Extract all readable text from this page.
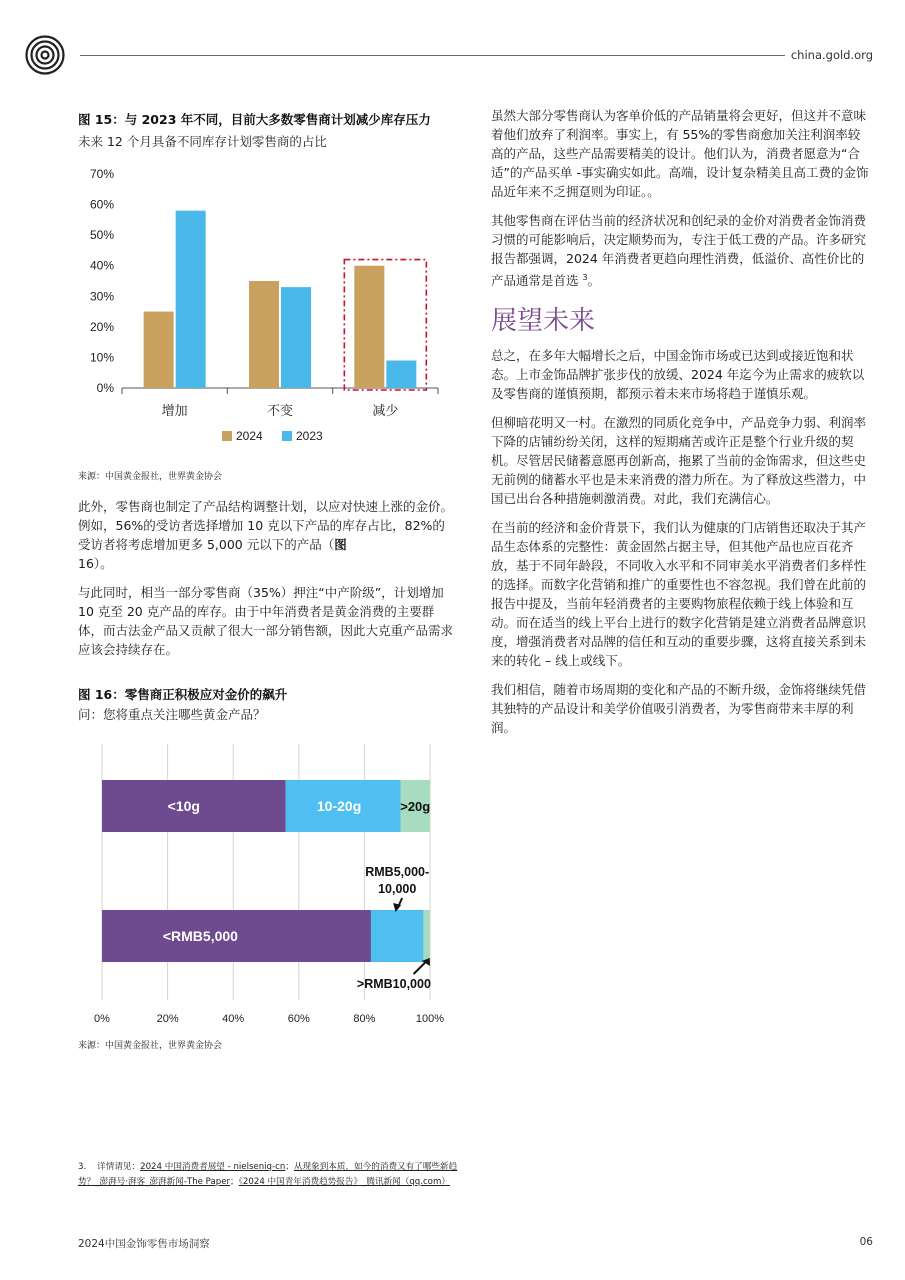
china.gold.org
图 15：与 2023 年不同，目前大多数零售商计划减少库存压力
未来 12 个月具备不同库存计划零售商的占比
0%
10%
20%
30%
40%
50%
60%
70%
增加	不变	减少
2024	2023
来源：中国黄金报社，世界黄金协会

此外，零售商也制定了产品结构调整计划，以应对快速上涨的金价。例如，56%的受访者选择增加 10 克以下产品的库存占比，82%的受访者将考虑增加更多 5,000 元以下的产品（图
16）。

与此同时，相当一部分零售商（35%）押注“中产阶级”，计划增加 10 克至 20 克产品的库存。由于中年消费者是黄金消费的主要群体，而古法金产品又贡献了很大一部分销售额，因此大克重产品需求应该会持续存在。

图 16：零售商正积极应对金价的飙升
问：您将重点关注哪些黄金产品？
0%	20%	40%	60%	80%	100%
<10g	10-20g	>20g
<RMB5,000
RMB5,000-10,000
>RMB10,000
来源：中国黄金报社，世界黄金协会

虽然大部分零售商认为客单价低的产品销量将会更好，但这并不意味着他们放弃了利润率。事实上，有 55%的零售商愈加关注利润率较高的产品，这些产品需要精美的设计。他们认为，消费者愿意为“合适”的产品买单 -事实确实如此。高端，设计复杂精美且高工费的金饰品近年来不乏拥趸则为印证。。

其他零售商在评估当前的经济状况和创纪录的金价对消费者金饰消费习惯的可能影响后，决定顺势而为，专注于低工费的产品。许多研究报告都强调，2024 年消费者更趋向理性消费，低溢价、高性价比的产品通常是首选 $^3$。

展望未来

总之，在多年大幅增长之后，中国金饰市场或已达到或接近饱和状态。上市金饰品牌扩张步伐的放缓、2024 年迄今为止需求的疲软以及零售商的谨慎预期，都预示着未来市场将趋于谨慎乐观。

但柳暗花明又一村。在激烈的同质化竞争中，产品竞争力弱、利润率下降的店铺纷纷关闭，这样的短期痛苦或许正是整个行业升级的契机。尽管居民储蓄意愿再创新高，拖累了当前的金饰需求，但这些史无前例的储蓄水平也是未来消费的潜力所在。为了释放这些潜力，中国已出台各种措施刺激消费。对此，我们充满信心。

在当前的经济和金价背景下，我们认为健康的门店销售还取决于其产品生态体系的完整性：黄金固然占据主导，但其他产品也应百花齐放，基于不同年龄段，不同收入水平和不同审美水平消费者们多样性的选择。而数字化营销和推广的重要性也不容忽视。我们曾在此前的报告中提及，当前年轻消费者的主要购物旅程依赖于线上体验和互动。而在适当的线上平台上进行的数字化营销是建立消费者品牌意识度，增强消费者对品牌的信任和互动的重要步骤，这将直接关系到未来的转化 – 线上或线下。

我们相信，随着市场周期的变化和产品的不断升级，金饰将继续凭借其独特的产品设计和美学价值吸引消费者，为零售商带来丰厚的利润。

3. 详情请见：2024 中国消费者展望 - nielseniq-cn；从现象到本质，如今的消费又有了哪些新趋势？_澎湃号·湃客_澎湃新闻-The Paper；《2024 中国青年消费趋势报告》_腾讯新闻（qq.com）
2024中国金饰零售市场洞察	06
